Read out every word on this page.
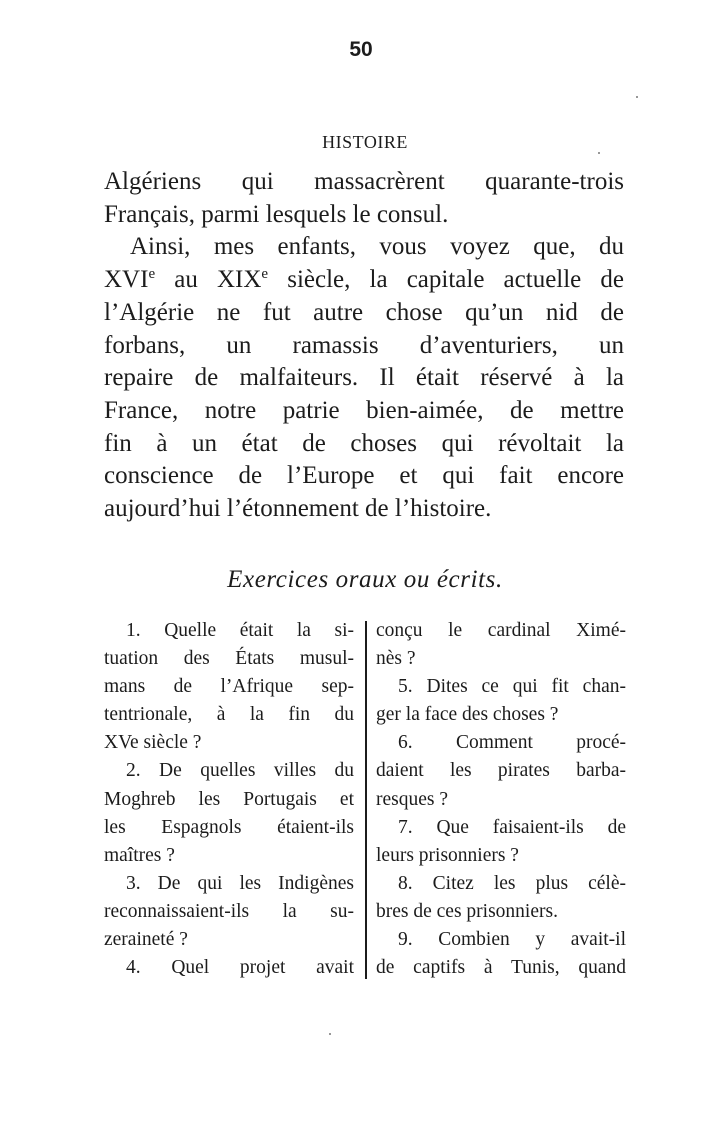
50
HISTOIRE
Algériens qui massacrèrent quarante-trois
Français, parmi lesquels le consul.
Ainsi, mes enfants, vous voyez que, du
XVIe au XIXe siècle, la capitale actuelle de
l’Algérie ne fut autre chose qu’un nid de
forbans, un ramassis d’aventuriers, un
repaire de malfaiteurs. Il était réservé à la
France, notre patrie bien-aimée, de mettre
fin à un état de choses qui révoltait la
conscience de l’Europe et qui fait encore
aujourd’hui l’étonnement de l’histoire.
Exercices oraux ou écrits.
1. Quelle était la si-
tuation des États musul-
mans de l’Afrique sep-
tentrionale, à la fin du
XVe siècle ?
2. De quelles villes du
Moghreb les Portugais et
les Espagnols étaient-ils
maîtres ?
3. De qui les Indigènes
reconnaissaient-ils la su-
zeraineté ?
4. Quel projet avait
conçu le cardinal Ximé-
nès ?
5. Dites ce qui fit chan-
ger la face des choses ?
6. Comment procé-
daient les pirates barba-
resques ?
7. Que faisaient-ils de
leurs prisonniers ?
8. Citez les plus célè-
bres de ces prisonniers.
9. Combien y avait-il
de captifs à Tunis, quand
